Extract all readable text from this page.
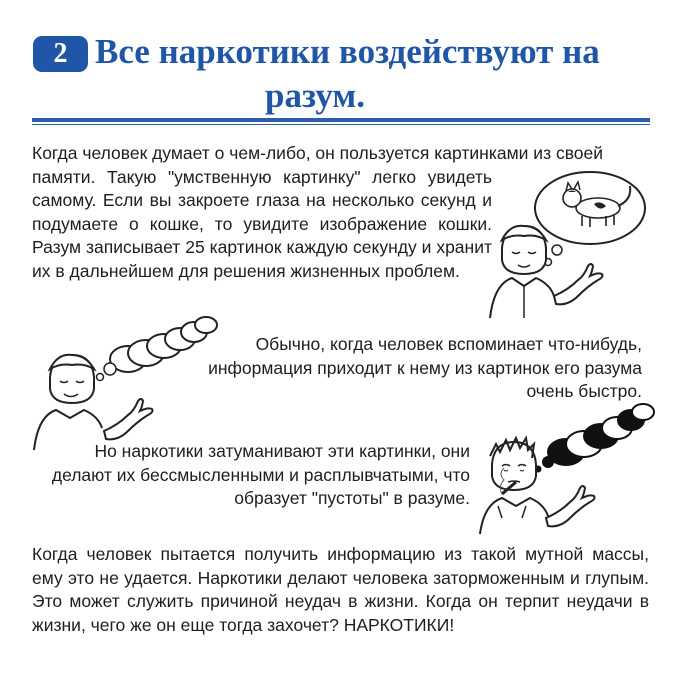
2 Все наркотики воздействуют на
разум.
Когда человек думает о чем-либо, он пользуется картинками из своей
памяти. Такую "умственную картинку" легко увидеть самому. Если вы закроете глаза на несколько секунд и подумаете о кошке, то увидите изображение кошки. Разум записывает 25 картинок каждую секунду и хранит их в дальнейшем для решения жизненных проблем.
Обычно, когда человек вспоминает что-нибудь, информация приходит к нему из картинок его разума очень быстро.
Но наркотики затуманивают эти картинки, они делают их бессмысленными и расплывчатыми, что образует "пустоты" в разуме.
Когда человек пытается получить информацию из такой мутной массы, ему это не удается. Наркотики делают человека заторможенным и глупым. Это может служить причиной неудач в жизни. Когда он терпит неудачи в жизни, чего же он еще тогда захочет? НАРКОТИКИ!
